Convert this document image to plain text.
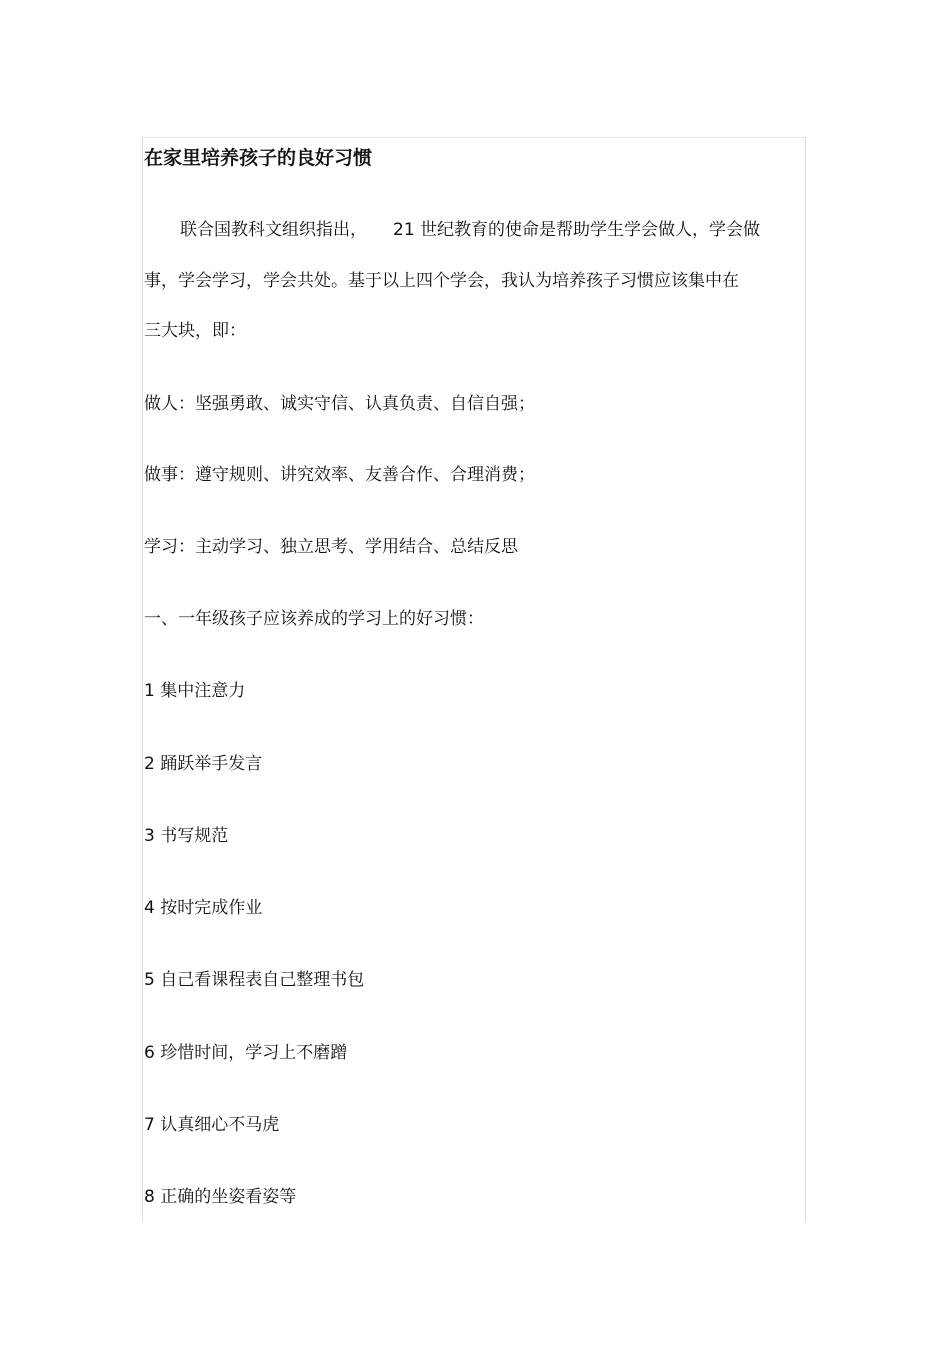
在家里培养孩子的良好习惯

联合国教科文组织指出， 21 世纪教育的使命是帮助学生学会做人，学会做

事，学会学习，学会共处。基于以上四个学会，我认为培养孩子习惯应该集中在

三大块，即：

做人：坚强勇敢、诚实守信、认真负责、自信自强；

做事：遵守规则、讲究效率、友善合作、合理消费；

学习：主动学习、独立思考、学用结合、总结反思

一、一年级孩子应该养成的学习上的好习惯：

1 集中注意力

2 踊跃举手发言

3 书写规范

4 按时完成作业

5 自己看课程表自己整理书包

6 珍惜时间，学习上不磨蹭

7 认真细心不马虎

8 正确的坐姿看姿等
